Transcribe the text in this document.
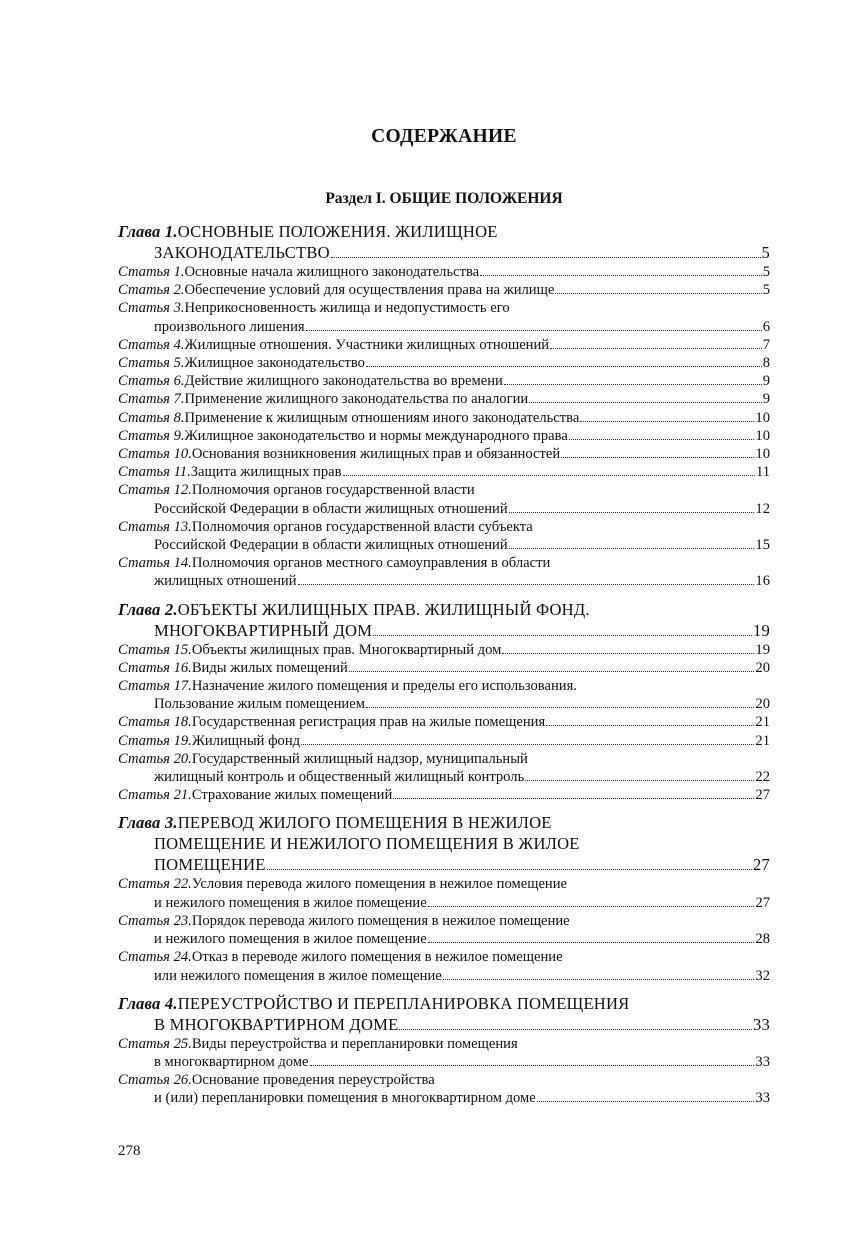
СОДЕРЖАНИЕ
Раздел I. ОБЩИЕ ПОЛОЖЕНИЯ
Глава 1. ОСНОВНЫЕ ПОЛОЖЕНИЯ. ЖИЛИЩНОЕ
ЗАКОНОДАТЕЛЬСТВО	5
Статья 1. Основные начала жилищного законодательства	5
Статья 2. Обеспечение условий для осуществления права на жилище	5
Статья 3. Неприкосновенность жилища и недопустимость его
произвольного лишения	6
Статья 4. Жилищные отношения. Участники жилищных отношений	7
Статья 5. Жилищное законодательство	8
Статья 6. Действие жилищного законодательства во времени	9
Статья 7. Применение жилищного законодательства по аналогии	9
Статья 8. Применение к жилищным отношениям иного законодательства	10
Статья 9. Жилищное законодательство и нормы международного права	10
Статья 10. Основания возникновения жилищных прав и обязанностей	10
Статья 11. Защита жилищных прав	11
Статья 12. Полномочия органов государственной власти
Российской Федерации в области жилищных отношений	12
Статья 13. Полномочия органов государственной власти субъекта
Российской Федерации в области жилищных отношений	15
Статья 14. Полномочия органов местного самоуправления в области
жилищных отношений	16
Глава 2. ОБЪЕКТЫ ЖИЛИЩНЫХ ПРАВ. ЖИЛИЩНЫЙ ФОНД.
МНОГОКВАРТИРНЫЙ ДОМ	19
Статья 15. Объекты жилищных прав. Многоквартирный дом	19
Статья 16. Виды жилых помещений	20
Статья 17. Назначение жилого помещения и пределы его использования.
Пользование жилым помещением	20
Статья 18. Государственная регистрация прав на жилые помещения	21
Статья 19. Жилищный фонд	21
Статья 20. Государственный жилищный надзор, муниципальный
жилищный контроль и общественный жилищный контроль	22
Статья 21. Страхование жилых помещений	27
Глава 3. ПЕРЕВОД ЖИЛОГО ПОМЕЩЕНИЯ В НЕЖИЛОЕ
ПОМЕЩЕНИЕ И НЕЖИЛОГО ПОМЕЩЕНИЯ В ЖИЛОЕ
ПОМЕЩЕНИЕ	27
Статья 22. Условия перевода жилого помещения в нежилое помещение
и нежилого помещения в жилое помещение	27
Статья 23. Порядок перевода жилого помещения в нежилое помещение
и нежилого помещения в жилое помещение	28
Статья 24. Отказ в переводе жилого помещения в нежилое помещение
или нежилого помещения в жилое помещение	32
Глава 4. ПЕРЕУСТРОЙСТВО И ПЕРЕПЛАНИРОВКА ПОМЕЩЕНИЯ
В МНОГОКВАРТИРНОМ ДОМЕ	33
Статья 25. Виды переустройства и перепланировки помещения
в многоквартирном доме	33
Статья 26. Основание проведения переустройства
и (или) перепланировки помещения в многоквартирном доме	33
278
